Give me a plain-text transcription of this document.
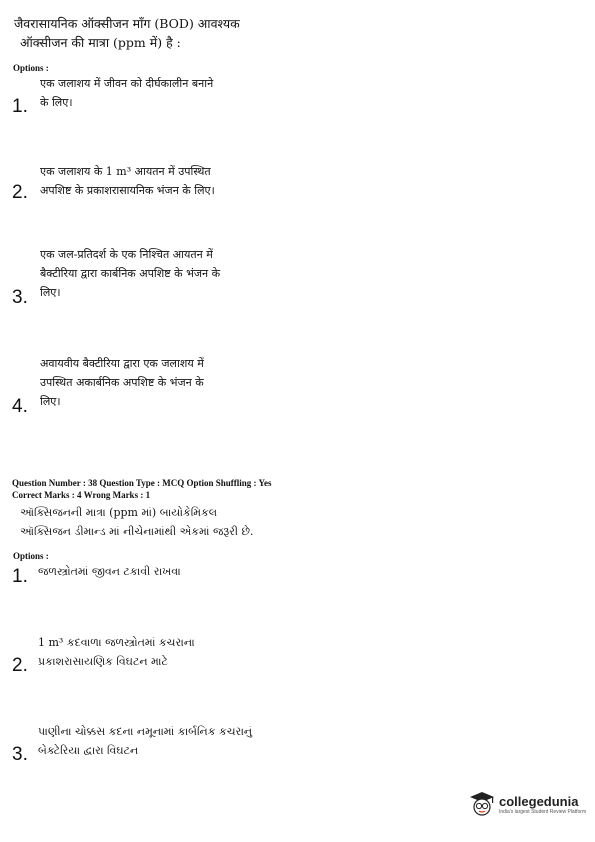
जैवरासायनिक ऑक्सीजन माँग (BOD) आवश्यक
ऑक्सीजन की मात्रा (ppm में) है :
Options :
एक जलाशय में जीवन को दीर्घकालीन बनाने
के लिए।
1.
एक जलाशय के 1 m³ आयतन में उपस्थित
अपशिष्ट के प्रकाशरासायनिक भंजन के लिए।
2.
एक जल-प्रतिदर्श के एक निश्चित आयतन में
बैक्टीरिया द्वारा कार्बनिक अपशिष्ट के भंजन के
लिए।
3.
अवायवीय बैक्टीरिया द्वारा एक जलाशय में
उपस्थित अकार्बनिक अपशिष्ट के भंजन के
लिए।
4.
Question Number : 38 Question Type : MCQ Option Shuffling : Yes
Correct Marks : 4 Wrong Marks : 1
ઑક્સિજનની માત્રા (ppm માં) બાયોકેમિકલ
ઑક્સિજન ડીમાન્ડ માં નીચેનામાંથી એકમાં જરૂરી છે.
Options :
જળસ્ત્રોતમાં જીવન ટકાવી રાખવા
1.
1 m³ કદવાળા જળસ્ત્રોતમાં કચરાના
પ્રકાશરાસાયણિક વિઘટન માટે
2.
પાણીના ચોક્કસ કદના નમૂનામાં કાર્બનિક કચરાનું
બેક્ટેરિયા દ્વારા વિઘટન
3.
collegedunia
India's largest Student Review Platform
